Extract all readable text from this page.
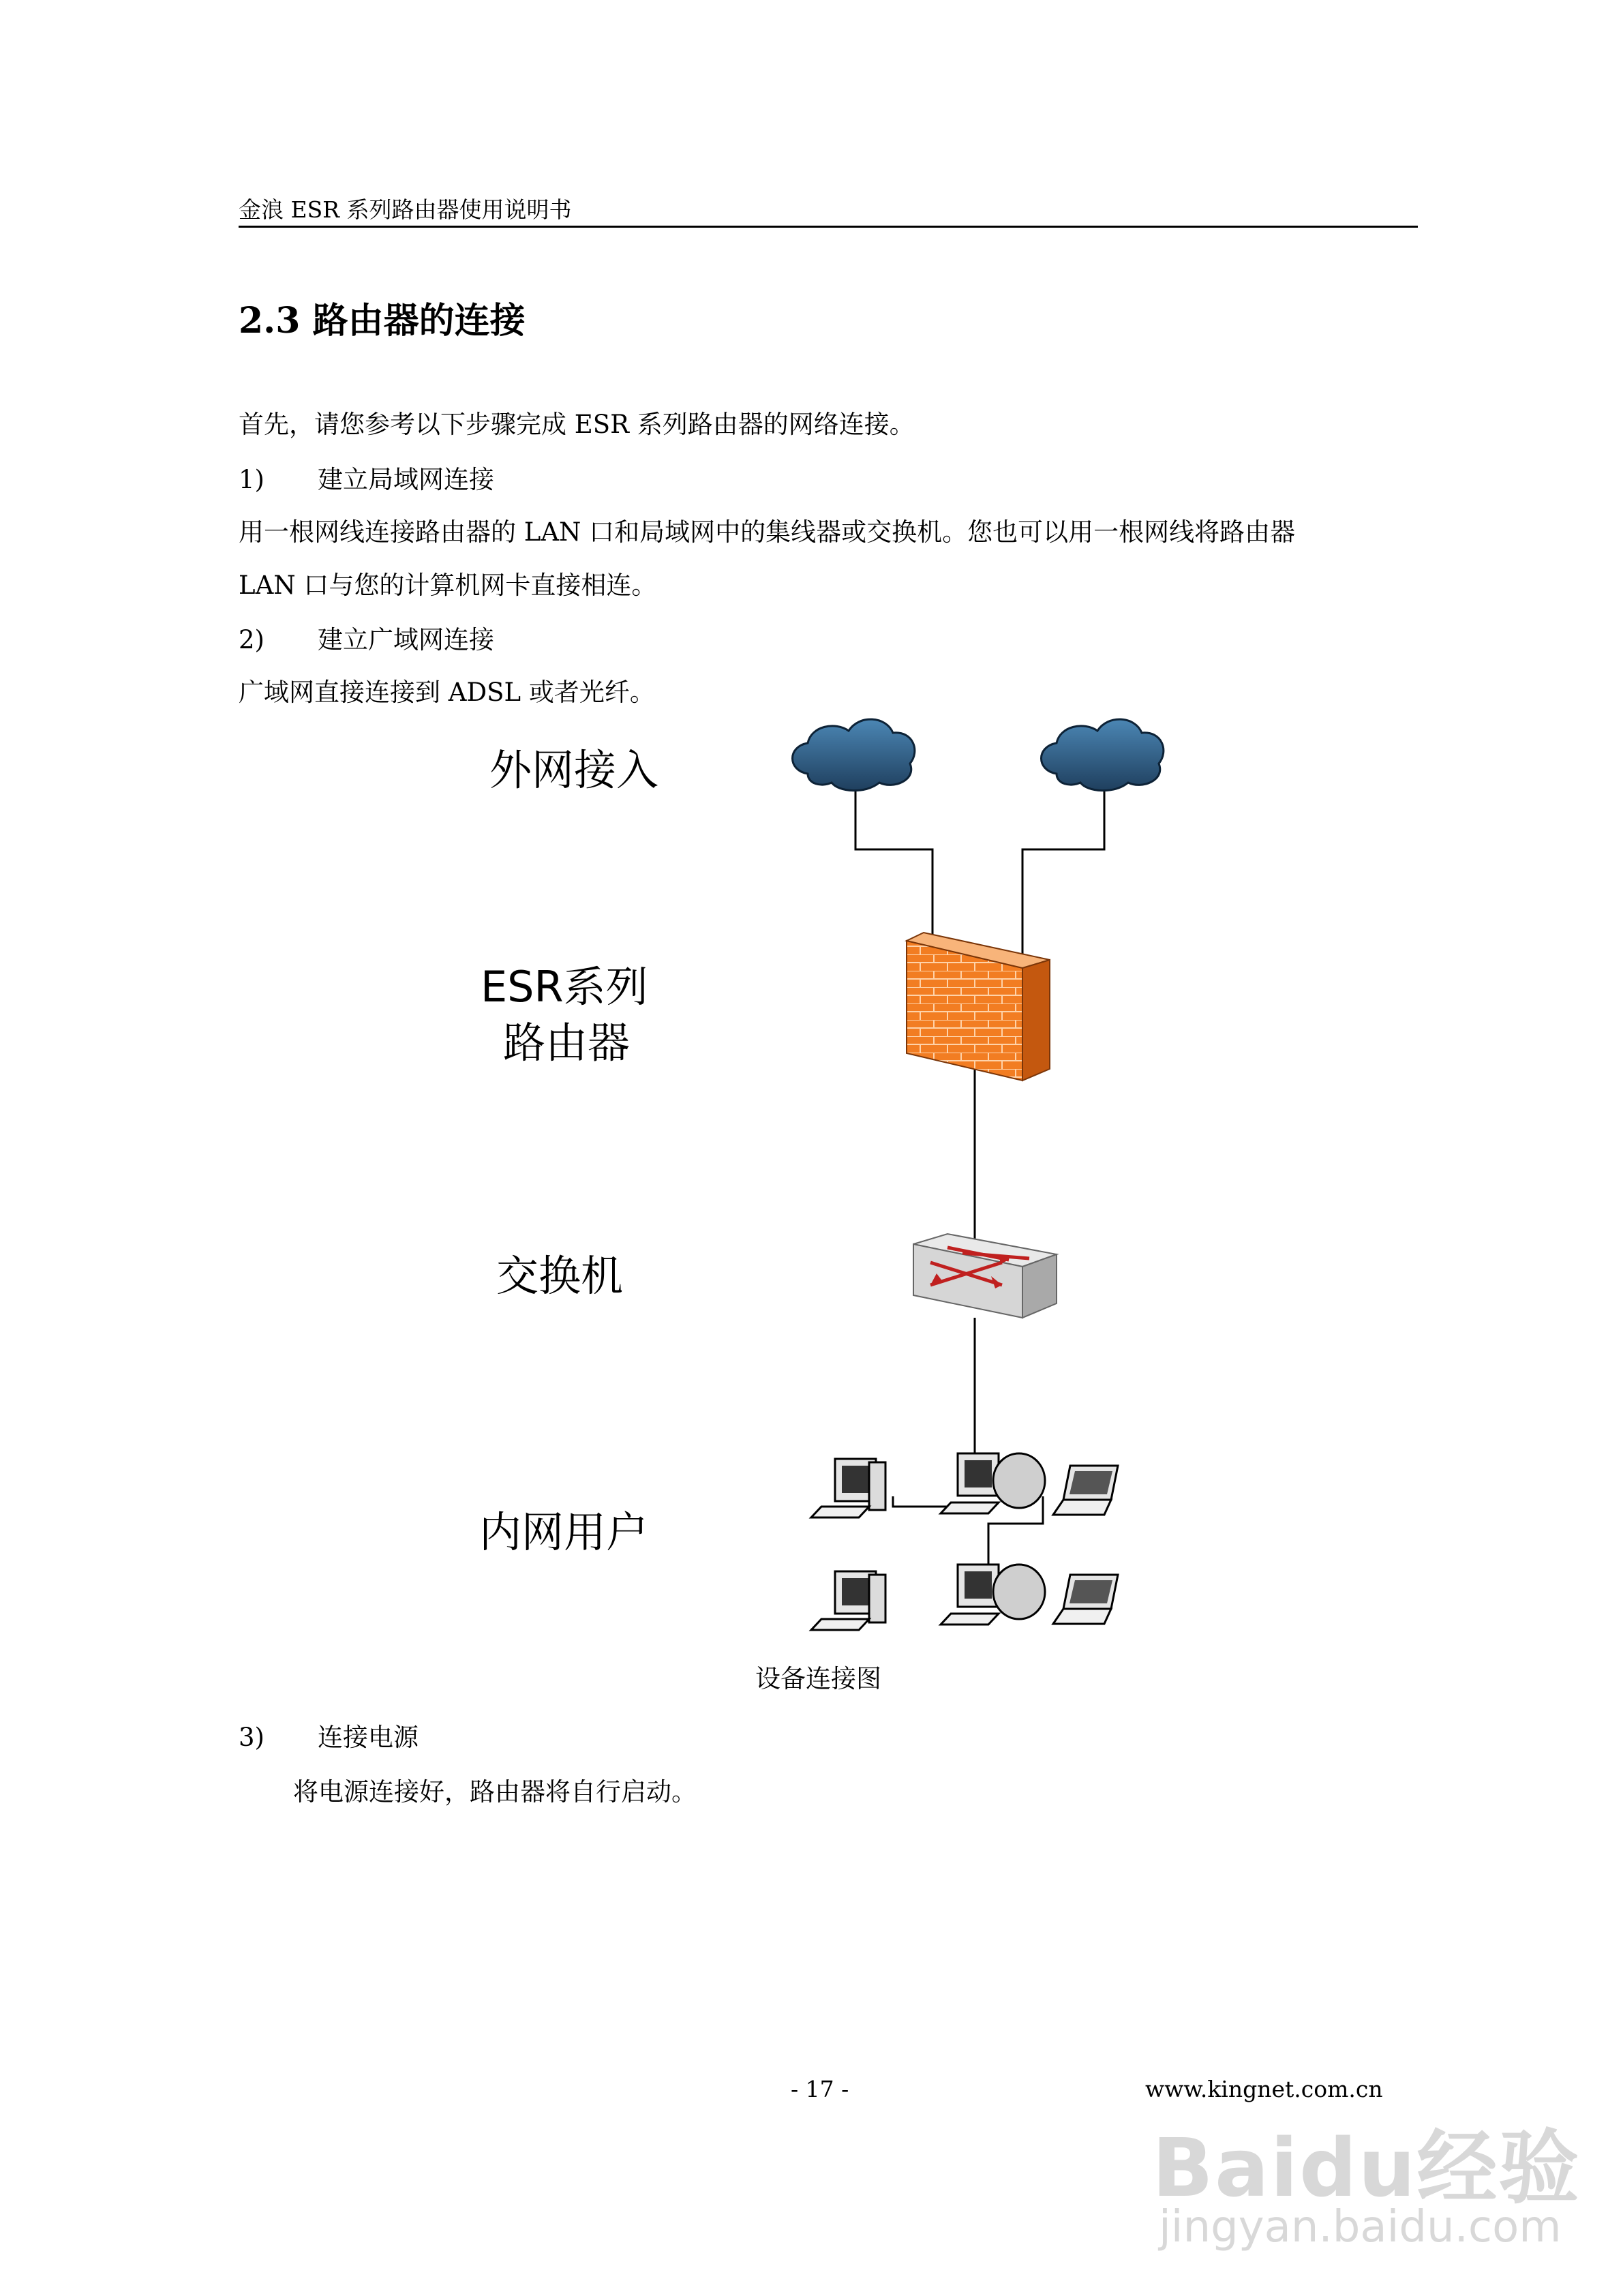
金浪 ESR 系列路由器使用说明书
2.3 路由器的连接
首先，请您参考以下步骤完成 ESR 系列路由器的网络连接。
1) 建立局域网连接
用一根网线连接路由器的 LAN 口和局域网中的集线器或交换机。您也可以用一根网线将路由器
LAN 口与您的计算机网卡直接相连。
2) 建立广域网连接
广域网直接连接到 ADSL 或者光纤。
外网接入
ESR系列
路由器
交换机
内网用户
设备连接图
3) 连接电源
将电源连接好，路由器将自行启动。
- 17 -	www.kingnet.com.cn
Baidu经验
jingyan.baidu.com
